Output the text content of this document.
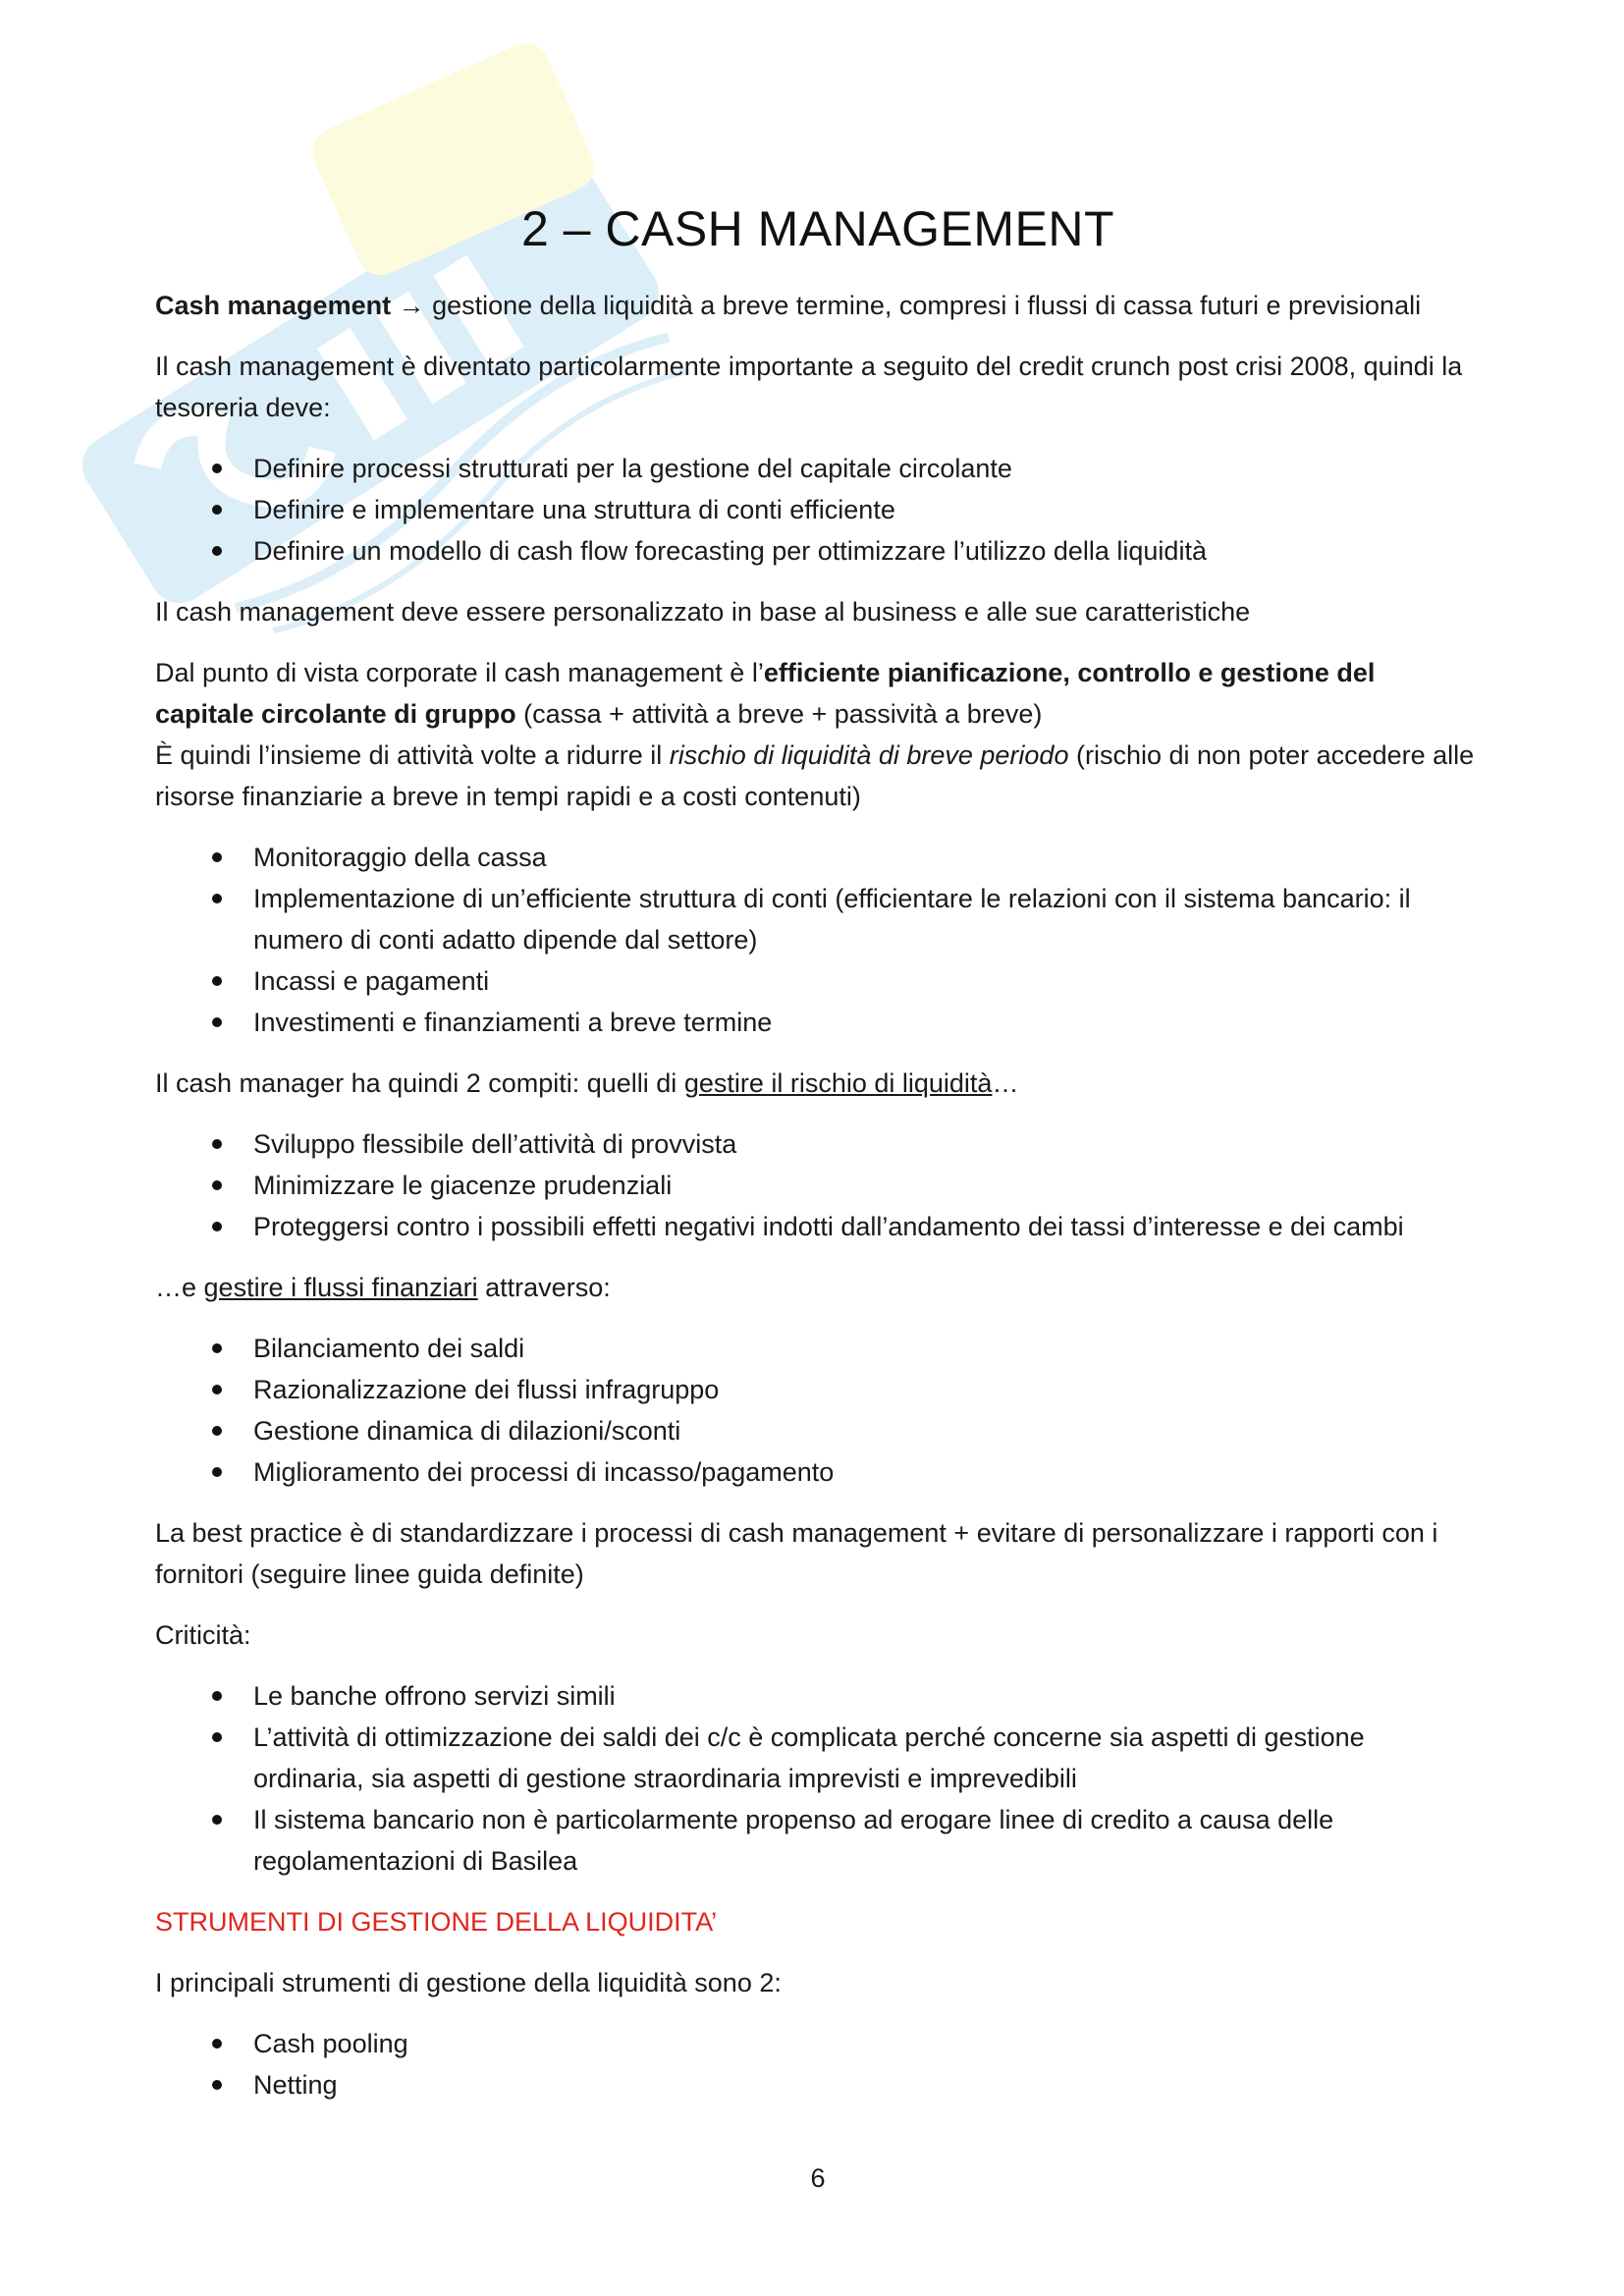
2 – CASH MANAGEMENT

Cash management → gestione della liquidità a breve termine, compresi i flussi di cassa futuri e previsionali

Il cash management è diventato particolarmente importante a seguito del credit crunch post crisi 2008, quindi la tesoreria deve:

Definire processi strutturati per la gestione del capitale circolante
Definire e implementare una struttura di conti efficiente
Definire un modello di cash flow forecasting per ottimizzare l’utilizzo della liquidità

Il cash management deve essere personalizzato in base al business e alle sue caratteristiche

Dal punto di vista corporate il cash management è l’efficiente pianificazione, controllo e gestione del capitale circolante di gruppo (cassa + attività a breve + passività a breve)

È quindi l’insieme di attività volte a ridurre il rischio di liquidità di breve periodo (rischio di non poter accedere alle risorse finanziarie a breve in tempi rapidi e a costi contenuti)

Monitoraggio della cassa
Implementazione di un’efficiente struttura di conti (efficientare le relazioni con il sistema bancario: il numero di conti adatto dipende dal settore)
Incassi e pagamenti
Investimenti e finanziamenti a breve termine

Il cash manager ha quindi 2 compiti: quelli di gestire il rischio di liquidità…

Sviluppo flessibile dell’attività di provvista
Minimizzare le giacenze prudenziali
Proteggersi contro i possibili effetti negativi indotti dall’andamento dei tassi d’interesse e dei cambi

…e gestire i flussi finanziari attraverso:

Bilanciamento dei saldi
Razionalizzazione dei flussi infragruppo
Gestione dinamica di dilazioni/sconti
Miglioramento dei processi di incasso/pagamento

La best practice è di standardizzare i processi di cash management + evitare di personalizzare i rapporti con i fornitori (seguire linee guida definite)

Criticità:

Le banche offrono servizi simili
L’attività di ottimizzazione dei saldi dei c/c è complicata perché concerne sia aspetti di gestione ordinaria, sia aspetti di gestione straordinaria imprevisti e imprevedibili
Il sistema bancario non è particolarmente propenso ad erogare linee di credito a causa delle regolamentazioni di Basilea

STRUMENTI DI GESTIONE DELLA LIQUIDITA’

I principali strumenti di gestione della liquidità sono 2:

Cash pooling
Netting
6
